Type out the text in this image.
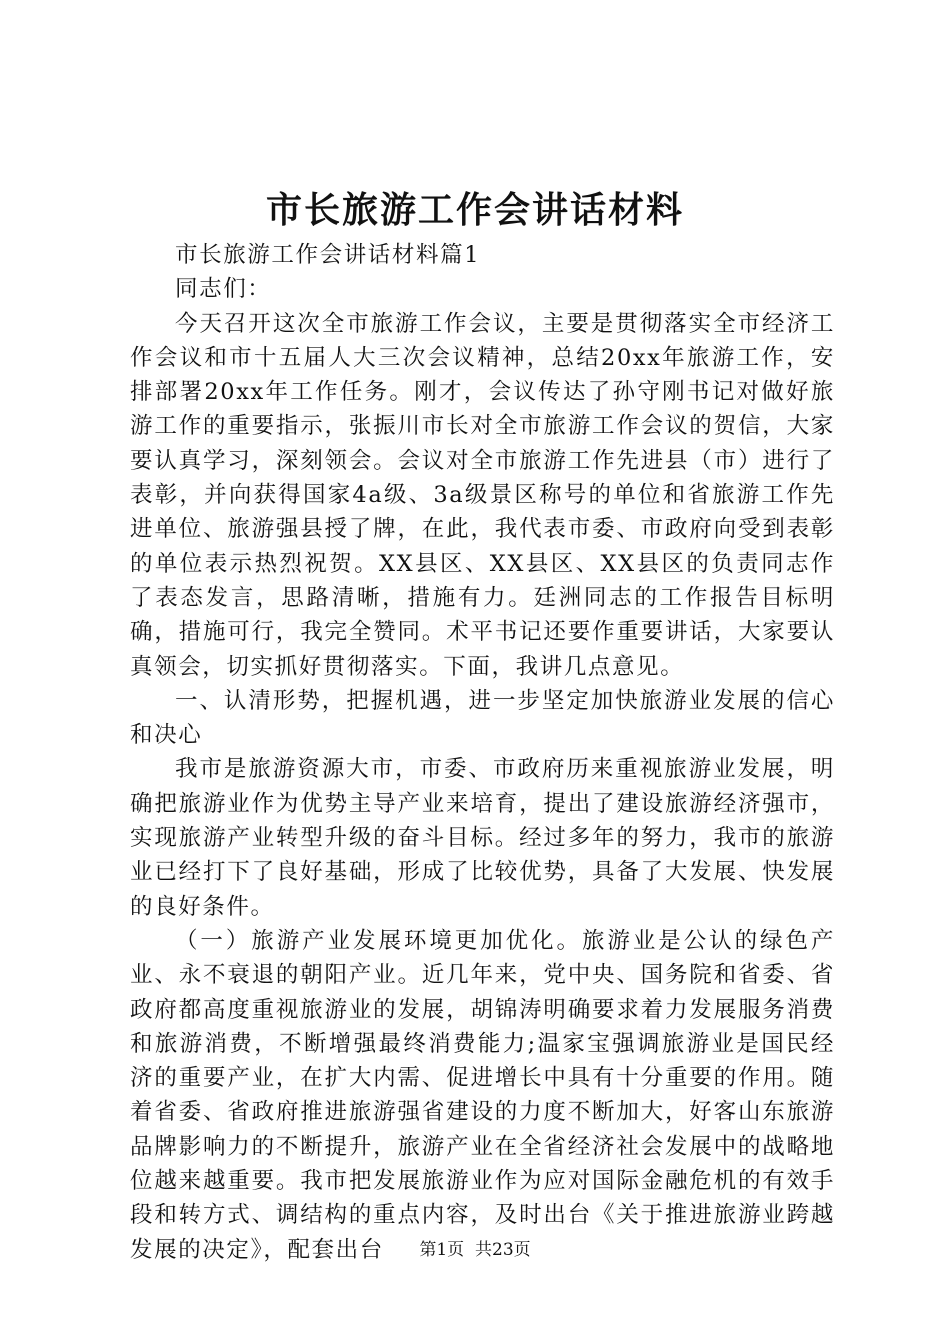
市长旅游工作会讲话材料

市长旅游工作会讲话材料篇1

同志们：

今天召开这次全市旅游工作会议，主要是贯彻落实全市经济工作会议和市十五届人大三次会议精神，总结20xx年旅游工作，安排部署20xx年工作任务。刚才，会议传达了孙守刚书记对做好旅游工作的重要指示，张振川市长对全市旅游工作会议的贺信，大家要认真学习，深刻领会。会议对全市旅游工作先进县（市）进行了表彰，并向获得国家4a级、3a级景区称号的单位和省旅游工作先进单位、旅游强县授了牌，在此，我代表市委、市政府向受到表彰的单位表示热烈祝贺。XX县区、XX县区、XX县区的负责同志作了表态发言，思路清晰，措施有力。廷洲同志的工作报告目标明确，措施可行，我完全赞同。术平书记还要作重要讲话，大家要认真领会，切实抓好贯彻落实。下面，我讲几点意见。

一、认清形势，把握机遇，进一步坚定加快旅游业发展的信心和决心

我市是旅游资源大市，市委、市政府历来重视旅游业发展，明确把旅游业作为优势主导产业来培育，提出了建设旅游经济强市，实现旅游产业转型升级的奋斗目标。经过多年的努力，我市的旅游业已经打下了良好基础，形成了比较优势，具备了大发展、快发展的良好条件。

（一）旅游产业发展环境更加优化。旅游业是公认的绿色产业、永不衰退的朝阳产业。近几年来，党中央、国务院和省委、省政府都高度重视旅游业的发展，胡锦涛明确要求着力发展服务消费和旅游消费，不断增强最终消费能力;温家宝强调旅游业是国民经济的重要产业，在扩大内需、促进增长中具有十分重要的作用。随着省委、省政府推进旅游强省建设的力度不断加大，好客山东旅游品牌影响力的不断提升，旅游产业在全省经济社会发展中的战略地位越来越重要。我市把发展旅游业作为应对国际金融危机的有效手段和转方式、调结构的重点内容，及时出台《关于推进旅游业跨越发展的决定》，配套出台	第1页 共23页
